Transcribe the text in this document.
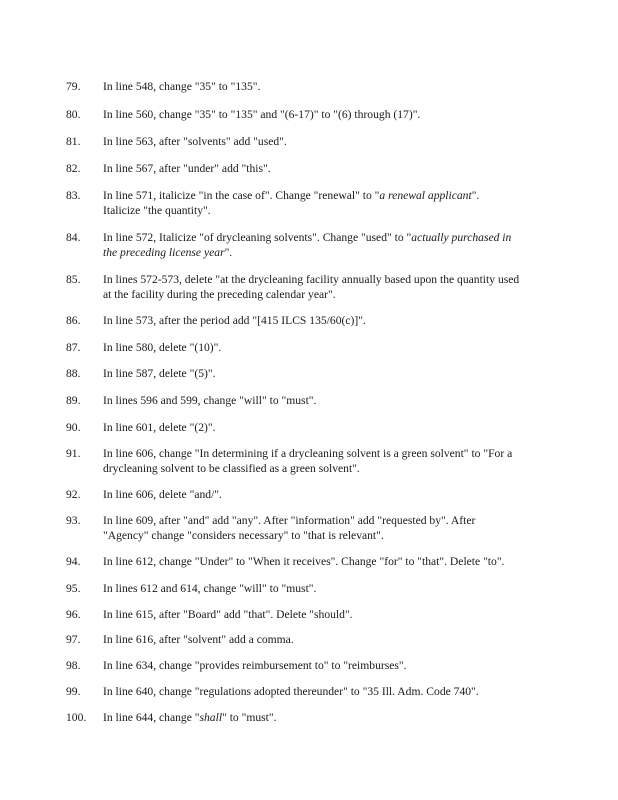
79.	In line 548, change "35" to "135".
80.	In line 560, change "35" to "135" and "(6-17)" to "(6) through (17)".
81.	In line 563, after "solvents" add "used".
82.	In line 567, after "under" add "this".
83.	In line 571, italicize "in the case of". Change "renewal" to "a renewal applicant".
Italicize "the quantity".
84.	In line 572, Italicize "of drycleaning solvents". Change "used" to "actually purchased in
the preceding license year".
85.	In lines 572-573, delete "at the drycleaning facility annually based upon the quantity used
at the facility during the preceding calendar year".
86.	In line 573, after the period add "[415 ILCS 135/60(c)]".
87.	In line 580, delete "(10)".
88.	In line 587, delete "(5)".
89.	In lines 596 and 599, change "will" to "must".
90.	In line 601, delete "(2)".
91.	In line 606, change "In determining if a drycleaning solvent is a green solvent" to "For a
drycleaning solvent to be classified as a green solvent".
92.	In line 606, delete "and/".
93.	In line 609, after "and" add "any". After "information" add "requested by". After
"Agency" change "considers necessary" to "that is relevant".
94.	In line 612, change "Under" to "When it receives". Change "for" to "that". Delete "to".
95.	In lines 612 and 614, change "will" to "must".
96.	In line 615, after "Board" add "that". Delete "should".
97.	In line 616, after "solvent" add a comma.
98.	In line 634, change "provides reimbursement to" to "reimburses".
99.	In line 640, change "regulations adopted thereunder" to "35 Ill. Adm. Code 740".
100.	In line 644, change "shall" to "must".
